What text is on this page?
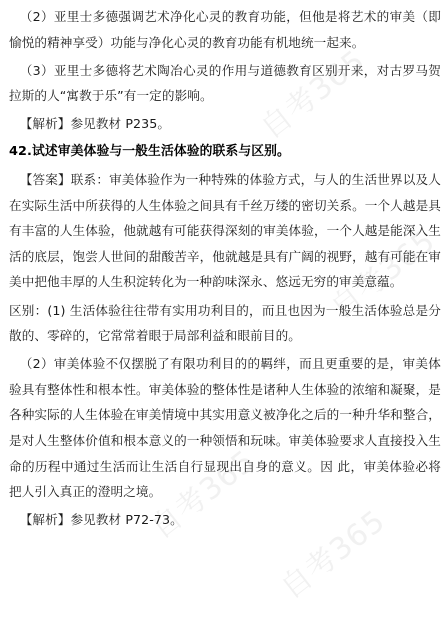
（2）亚里士多德强调艺术净化心灵的教育功能，但他是将艺术的审美（即愉悦的精神享受）功能与净化心灵的教育功能有机地统一起来。

（3）亚里士多德将艺术陶冶心灵的作用与道德教育区别开来，对古罗马贺拉斯的人“寓教于乐”有一定的影响。

【解析】参见教材 P235。

42.试述审美体验与一般生活体验的联系与区别。

【答案】联系：审美体验作为一种特殊的体验方式，与人的生活世界以及人在实际生活中所获得的人生体验之间具有千丝万缕的密切关系。一个人越是具有丰富的人生体验，他就越有可能获得深刻的审美体验，一个人越是能深入生活的底层，饱尝人世间的甜酸苦辛，他就越是具有广阔的视野，越有可能在审美中把他丰厚的人生积淀转化为一种韵味深永、悠远无穷的审美意蕴。

区别：(1) 生活体验往往带有实用功利目的，而且也因为一般生活体验总是分散的、零碎的，它常常着眼于局部利益和眼前目的。

（2）审美体验不仅摆脱了有限功利目的的羁绊，而且更重要的是，审美体验具有整体性和根本性。审美体验的整体性是诸种人生体验的浓缩和凝聚，是各种实际的人生体验在审美情境中其实用意义被净化之后的一种升华和整合，是对人生整体价值和根本意义的一种领悟和玩味。审美体验要求人直接投入生命的历程中通过生活而让生活自行显现出自身的意义。因 此，审美体验必将把人引入真正的澄明之境。

【解析】参见教材 P72-73。

自考365
自考365
自考365
自考365
